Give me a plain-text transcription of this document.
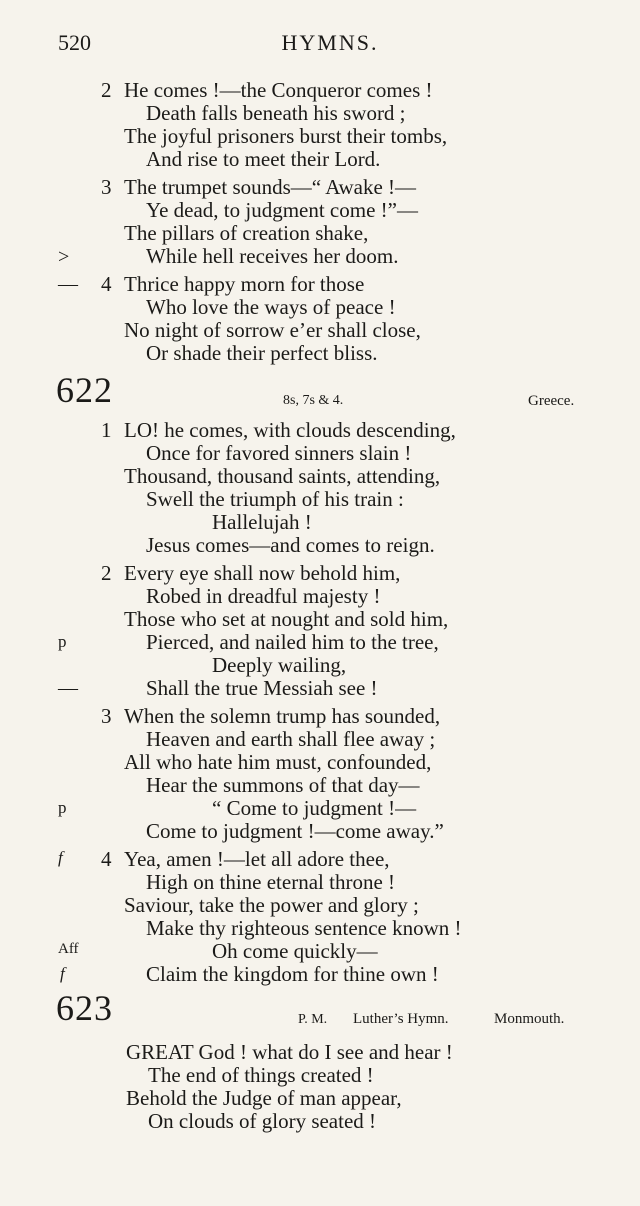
520	HYMNS.
2 He comes !—the Conqueror comes !
Death falls beneath his sword ;
The joyful prisoners burst their tombs,
And rise to meet their Lord.
3 The trumpet sounds—“ Awake !—
Ye dead, to judgment come !”—
The pillars of creation shake,
>	While hell receives her doom.
— 4 Thrice happy morn for those
Who love the ways of peace !
No night of sorrow e’er shall close,
Or shade their perfect bliss.
622	8s, 7s & 4.	Greece.
1 LO! he comes, with clouds descending,
Once for favored sinners slain !
Thousand, thousand saints, attending,
Swell the triumph of his train :
Hallelujah !
Jesus comes—and comes to reign.
2 Every eye shall now behold him,
Robed in dreadful majesty !
Those who set at nought and sold him,
p	Pierced, and nailed him to the tree,
Deeply wailing,
—	Shall the true Messiah see !
3 When the solemn trump has sounded,
Heaven and earth shall flee away ;
All who hate him must, confounded,
Hear the summons of that day—
p	“ Come to judgment !—
Come to judgment !—come away.”
f 4 Yea, amen !—let all adore thee,
High on thine eternal throne !
Saviour, take the power and glory ;
Make thy righteous sentence known !
Aff	Oh come quickly—
f	Claim the kingdom for thine own !
623	P. M. Luther’s Hymn.	Monmouth.
GREAT God ! what do I see and hear !
The end of things created !
Behold the Judge of man appear,
On clouds of glory seated !
